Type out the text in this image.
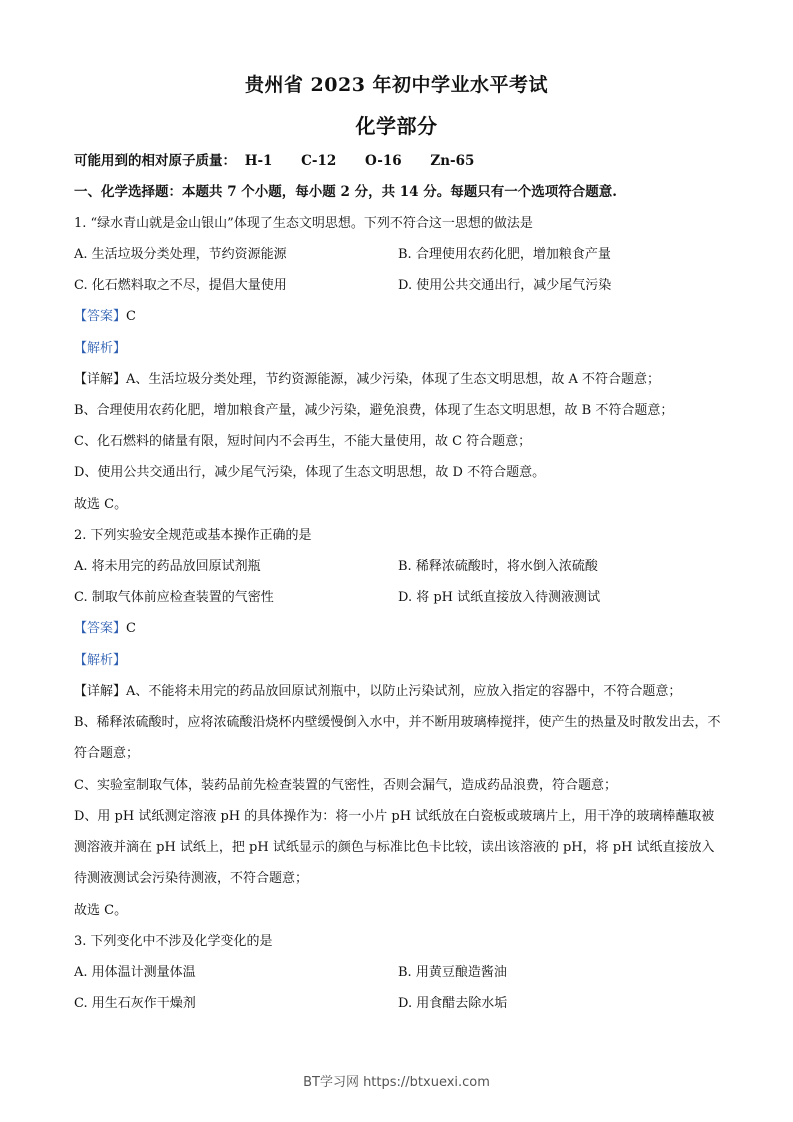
贵州省 2023 年初中学业水平考试
化学部分
可能用到的相对原子质量： H-1 C-12 O-16 Zn-65
一、化学选择题：本题共 7 个小题，每小题 2 分，共 14 分。每题只有一个选项符合题意.
1. “绿水青山就是金山银山”体现了生态文明思想。下列不符合这一思想的做法是
A. 生活垃圾分类处理，节约资源能源	B. 合理使用农药化肥，增加粮食产量
C. 化石燃料取之不尽，提倡大量使用	D. 使用公共交通出行，减少尾气污染
【答案】C
【解析】
【详解】A、生活垃圾分类处理，节约资源能源，减少污染，体现了生态文明思想，故 A 不符合题意；
B、合理使用农药化肥，增加粮食产量，减少污染，避免浪费，体现了生态文明思想，故 B 不符合题意；
C、化石燃料的储量有限，短时间内不会再生，不能大量使用，故 C 符合题意；
D、使用公共交通出行，减少尾气污染，体现了生态文明思想，故 D 不符合题意。
故选 C。
2. 下列实验安全规范或基本操作正确的是
A. 将未用完的药品放回原试剂瓶	B. 稀释浓硫酸时，将水倒入浓硫酸
C. 制取气体前应检查装置的气密性	D. 将 pH 试纸直接放入待测液测试
【答案】C
【解析】
【详解】A、不能将未用完的药品放回原试剂瓶中，以防止污染试剂，应放入指定的容器中，不符合题意；
B、稀释浓硫酸时，应将浓硫酸沿烧杯内壁缓慢倒入水中，并不断用玻璃棒搅拌，使产生的热量及时散发出去，不符合题意；
C、实验室制取气体，装药品前先检查装置的气密性，否则会漏气，造成药品浪费，符合题意；
D、用 pH 试纸测定溶液 pH 的具体操作为：将一小片 pH 试纸放在白瓷板或玻璃片上，用干净的玻璃棒蘸取被测溶液并滴在 pH 试纸上，把 pH 试纸显示的颜色与标准比色卡比较，读出该溶液的 pH，将 pH 试纸直接放入待测液测试会污染待测液，不符合题意；
故选 C。
3. 下列变化中不涉及化学变化的是
A. 用体温计测量体温	B. 用黄豆酿造酱油
C. 用生石灰作干燥剂	D. 用食醋去除水垢
BT学习网 https://btxuexi.com
